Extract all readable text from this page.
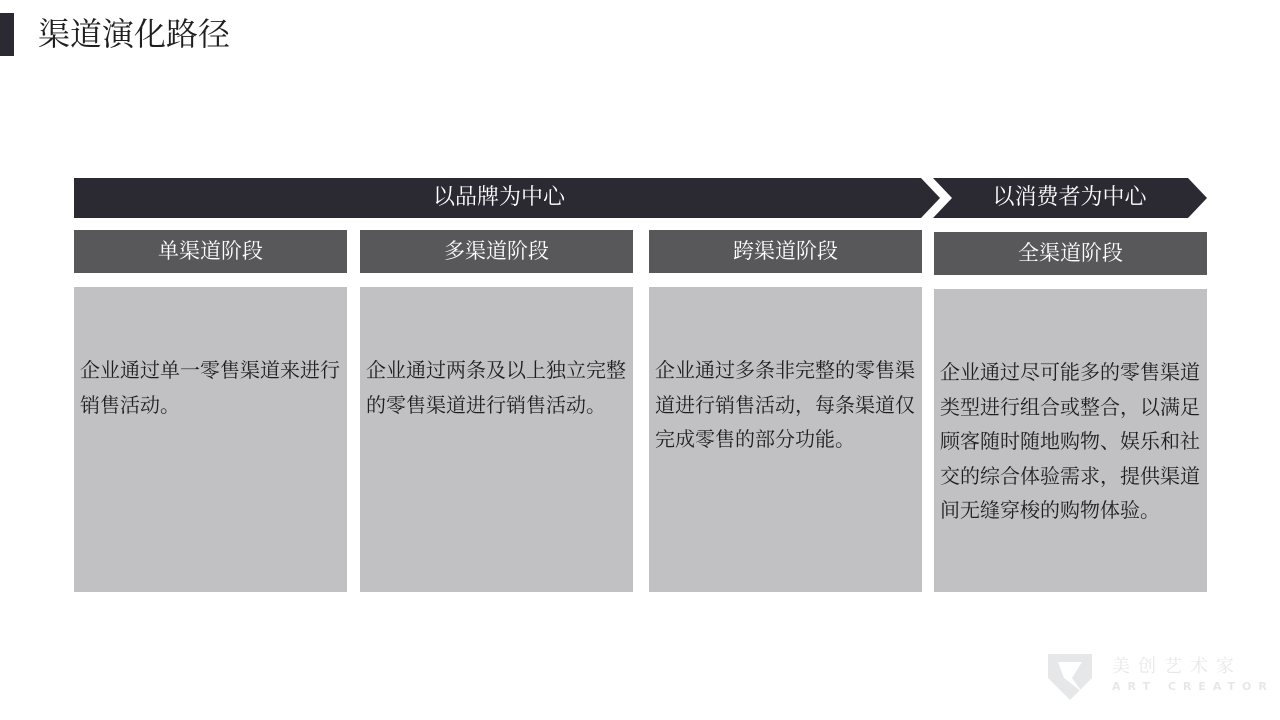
渠道演化路径
以品牌为中心	以消费者为中心
单渠道阶段	多渠道阶段	跨渠道阶段	全渠道阶段
企业通过单一零售渠道来进行销售活动。
企业通过两条及以上独立完整的零售渠道进行销售活动。
企业通过多条非完整的零售渠道进行销售活动，每条渠道仅完成零售的部分功能。
企业通过尽可能多的零售渠道类型进行组合或整合，以满足顾客随时随地购物、娱乐和社交的综合体验需求，提供渠道间无缝穿梭的购物体验。
美创艺术家
ART CREATOR
